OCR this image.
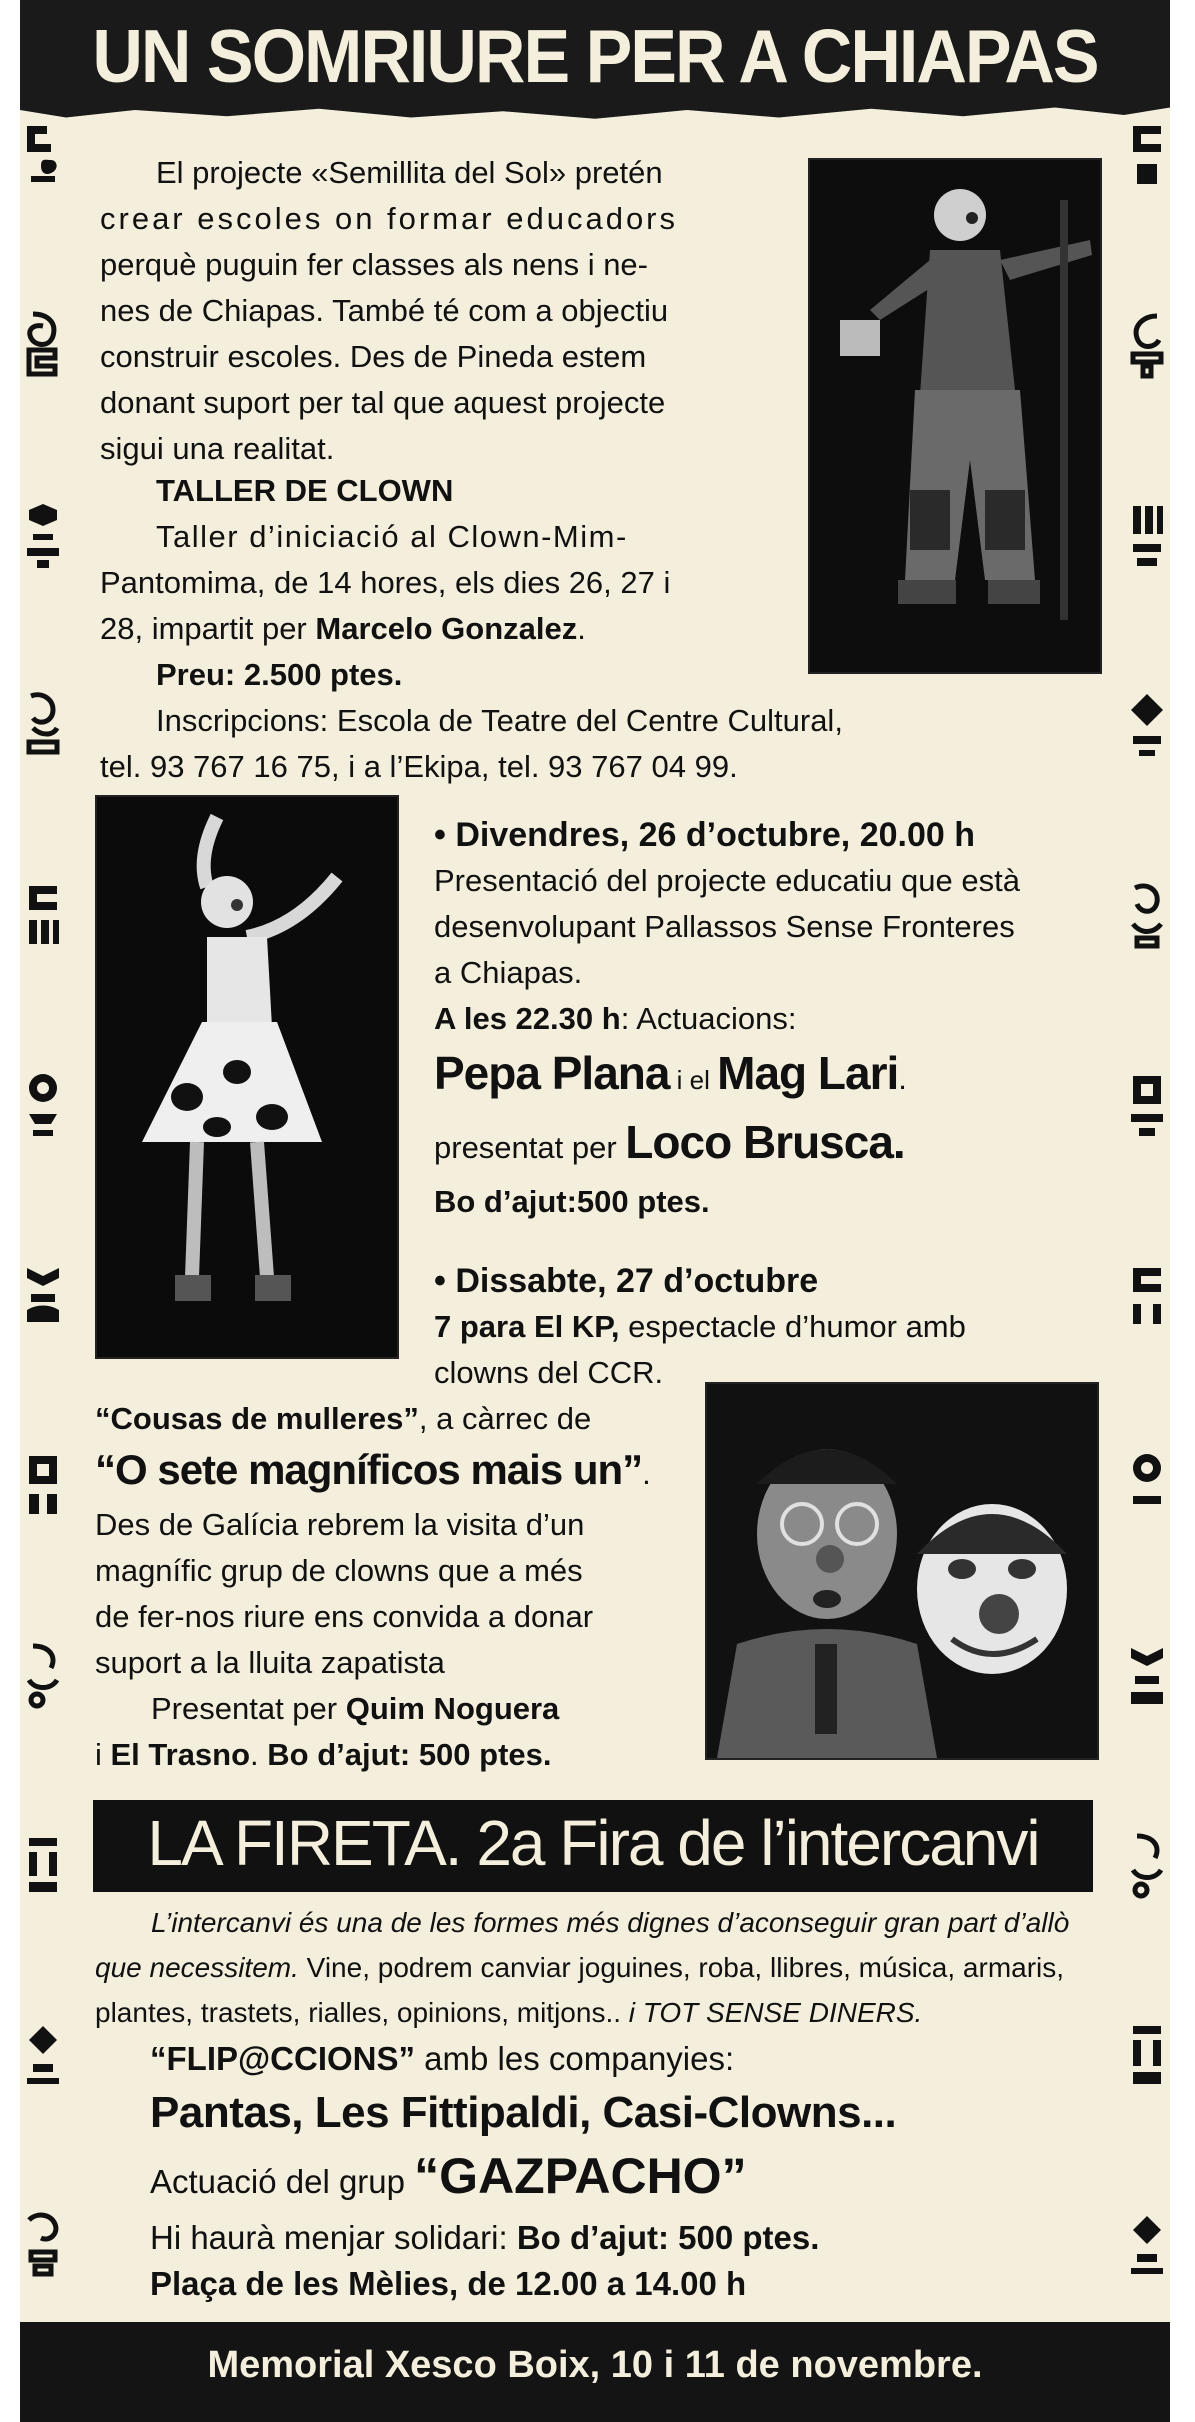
UN SOMRIURE PER A CHIAPAS
El projecte «Semillita del Sol» pretén
crear escoles on formar educadors
perquè puguin fer classes als nens i ne-
nes de Chiapas. També té com a objectiu
construir escoles. Des de Pineda estem
donant suport per tal que aquest projecte
sigui una realitat.
TALLER DE CLOWN
Taller d’iniciació al Clown-Mim-
Pantomima, de 14 hores, els dies 26, 27 i
28, impartit per Marcelo Gonzalez.
Preu: 2.500 ptes.
Inscripcions: Escola de Teatre del Centre Cultural,
tel. 93 767 16 75, i a l’Ekipa, tel. 93 767 04 99.
• Divendres, 26 d’octubre, 20.00 h
Presentació del projecte educatiu que està
desenvolupant Pallassos Sense Fronteres
a Chiapas.
A les 22.30 h: Actuacions:
Pepa Plana i el Mag Lari.
presentat per Loco Brusca.
Bo d’ajut:500 ptes.
• Dissabte, 27 d’octubre
7 para El KP, espectacle d’humor amb
clowns del CCR.
“Cousas de mulleres”, a càrrec de
“O sete magníficos mais un”.
Des de Galícia rebrem la visita d’un
magnífic grup de clowns que a més
de fer-nos riure ens convida a donar
suport a la lluita zapatista
Presentat per Quim Noguera
i El Trasno. Bo d’ajut: 500 ptes.
LA FIRETA. 2a Fira de l’intercanvi
L’intercanvi és una de les formes més dignes d’aconseguir gran part d’allò
que necessitem. Vine, podrem canviar joguines, roba, llibres, música, armaris,
plantes, trastets, rialles, opinions, mitjons.. i TOT SENSE DINERS.
“FLIP@CCIONS” amb les companyies:
Pantas, Les Fittipaldi, Casi-Clowns...
Actuació del grup “GAZPACHO”
Hi haurà menjar solidari: Bo d’ajut: 500 ptes.
Plaça de les Mèlies, de 12.00 a 14.00 h
Memorial Xesco Boix, 10 i 11 de novembre.
